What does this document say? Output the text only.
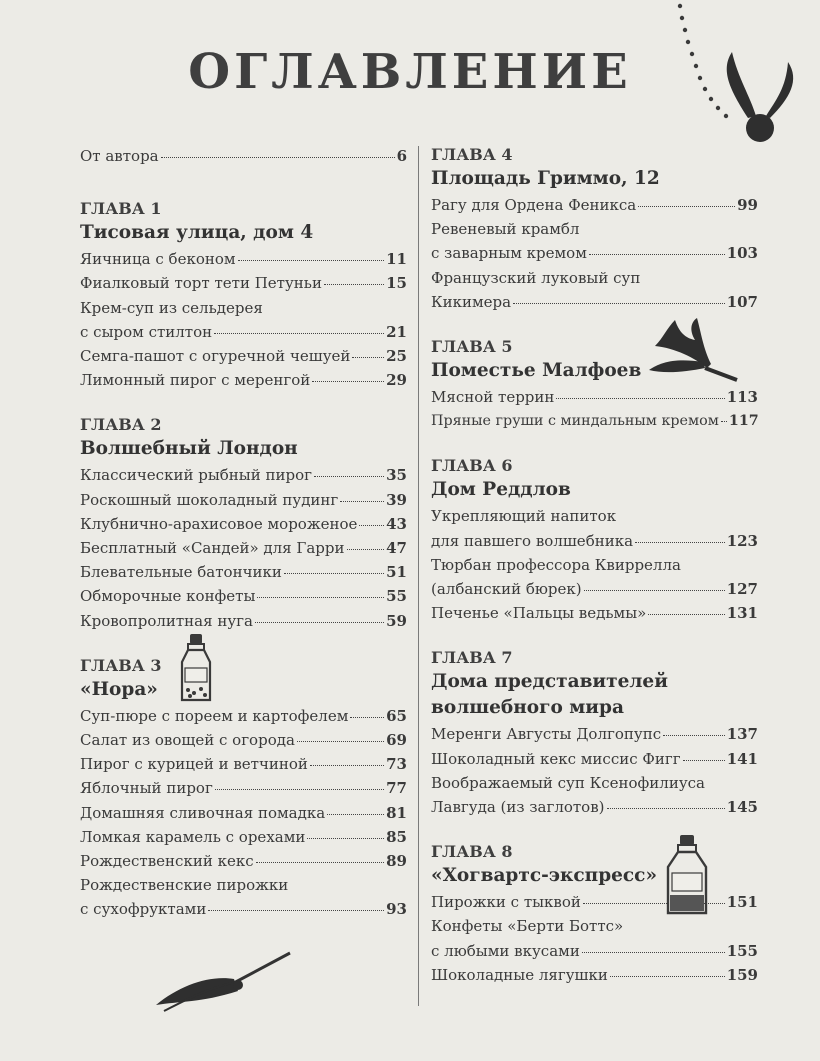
ОГЛАВЛЕНИЕ
От автора	6
ГЛАВА 1
Тисовая улица, дом 4
Яичница с беконом	11
Фиалковый торт тети Петуньи	15
Крем-суп из сельдерея
с сыром стилтон	21
Семга-пашот с огуречной чешуей 25
Лимонный пирог с меренгой	29
ГЛАВА 2
Волшебный Лондон
Классический рыбный пирог	35
Роскошный шоколадный пудинг	39
Клубнично-арахисовое мороженое 43
Бесплатный «Сандей» для Гарри	47
Блевательные батончики	51
Обморочные конфеты	55
Кровопролитная нуга	59
ГЛАВА 3
«Нора»
Суп-пюре с пореем и картофелем	65
Салат из овощей с огорода	69
Пирог с курицей и ветчиной	73
Яблочный пирог	77
Домашняя сливочная помадка	81
Ломкая карамель с орехами	85
Рождественский кекс	89
Рождественские пирожки
с сухофруктами	93
ГЛАВА 4
Площадь Гриммо, 12
Рагу для Ордена Феникса	99
Ревеневый крамбл
с заварным кремом	103
Французский луковый суп
Кикимера	107
ГЛАВА 5
Поместье Малфоев
Мясной террин	113
Пряные груши с миндальным кремом 117
ГЛАВА 6
Дом Реддлов
Укрепляющий напиток
для павшего волшебника	123
Тюрбан профессора Квиррелла
(албанский бюрек)	127
Печенье «Пальцы ведьмы»	131
ГЛАВА 7
Дома представителей волшебного мира
Меренги Августы Долгопупс	137
Шоколадный кекс миссис Фигг	141
Воображаемый суп Ксенофилиуса
Лавгуда (из заглотов)	145
ГЛАВА 8
«Хогвартс-экспресс»
Пирожки с тыквой	151
Конфеты «Берти Боттс»
с любыми вкусами	155
Шоколадные лягушки	159
